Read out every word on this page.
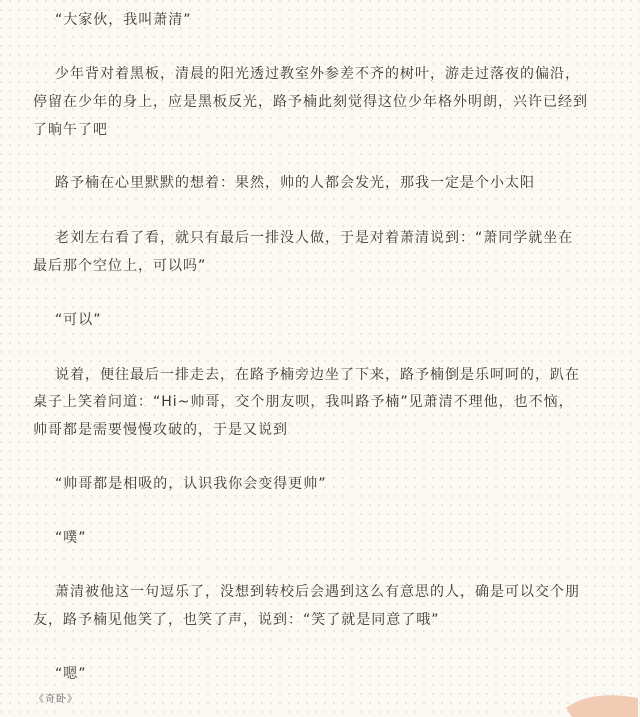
“大家伙，我叫萧清”
少年背对着黑板，清晨的阳光透过教室外参差不齐的树叶，游走过落夜的偏沿，
停留在少年的身上，应是黑板反光，路予楠此刻觉得这位少年格外明朗，兴许已经到
了晌午了吧
路予楠在心里默默的想着：果然，帅的人都会发光，那我一定是个小太阳
老刘左右看了看，就只有最后一排没人做，于是对着萧清说到：“萧同学就坐在
最后那个空位上，可以吗”
“可以”
说着，便往最后一排走去，在路予楠旁边坐了下来，路予楠倒是乐呵呵的，趴在
桌子上笑着问道：“Hi~帅哥，交个朋友呗，我叫路予楠”见萧清不理他，也不恼，
帅哥都是需要慢慢攻破的，于是又说到
“帅哥都是相吸的，认识我你会变得更帅”
“噗”
萧清被他这一句逗乐了，没想到转校后会遇到这么有意思的人，确是可以交个朋
友，路予楠见他笑了，也笑了声，说到：“笑了就是同意了哦”
“嗯”
《奇卧》
